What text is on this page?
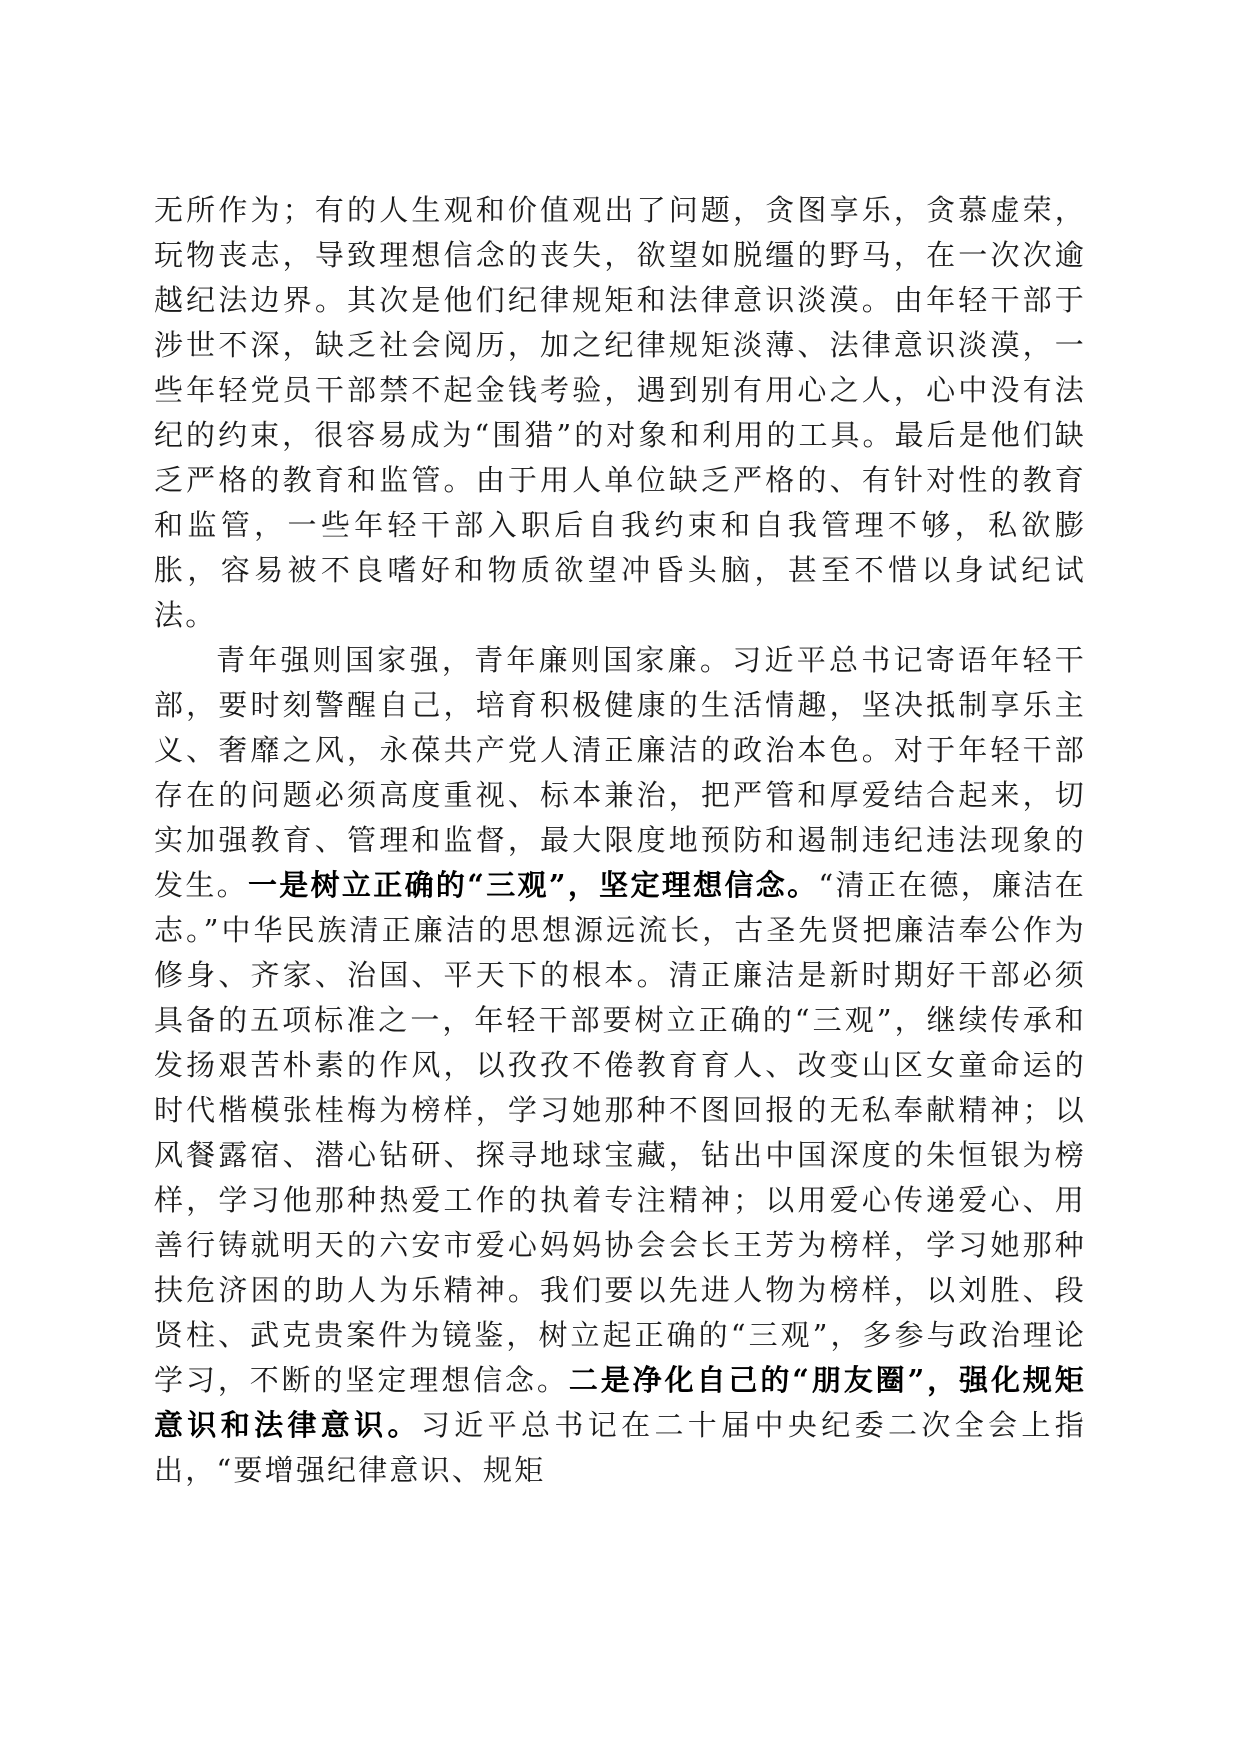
无所作为；有的人生观和价值观出了问题，贪图享乐，贪慕虚荣，玩物丧志，导致理想信念的丧失，欲望如脱缰的野马，在一次次逾越纪法边界。其次是他们纪律规矩和法律意识淡漠。由年轻干部于涉世不深，缺乏社会阅历，加之纪律规矩淡薄、法律意识淡漠，一些年轻党员干部禁不起金钱考验，遇到别有用心之人，心中没有法纪的约束，很容易成为“围猎”的对象和利用的工具。最后是他们缺乏严格的教育和监管。由于用人单位缺乏严格的、有针对性的教育和监管，一些年轻干部入职后自我约束和自我管理不够，私欲膨胀，容易被不良嗜好和物质欲望冲昏头脑，甚至不惜以身试纪试法。

青年强则国家强，青年廉则国家廉。习近平总书记寄语年轻干部，要时刻警醒自己，培育积极健康的生活情趣，坚决抵制享乐主义、奢靡之风，永葆共产党人清正廉洁的政治本色。对于年轻干部存在的问题必须高度重视、标本兼治，把严管和厚爱结合起来，切实加强教育、管理和监督，最大限度地预防和遏制违纪违法现象的发生。一是树立正确的“三观”，坚定理想信念。“清正在德，廉洁在志。”中华民族清正廉洁的思想源远流长，古圣先贤把廉洁奉公作为修身、齐家、治国、平天下的根本。清正廉洁是新时期好干部必须具备的五项标准之一，年轻干部要树立正确的“三观”，继续传承和发扬艰苦朴素的作风，以孜孜不倦教育育人、改变山区女童命运的时代楷模张桂梅为榜样，学习她那种不图回报的无私奉献精神；以风餐露宿、潜心钻研、探寻地球宝藏，钻出中国深度的朱恒银为榜样，学习他那种热爱工作的执着专注精神；以用爱心传递爱心、用善行铸就明天的六安市爱心妈妈协会会长王芳为榜样，学习她那种扶危济困的助人为乐精神。我们要以先进人物为榜样，以刘胜、段贤柱、武克贵案件为镜鉴，树立起正确的“三观”，多参与政治理论学习，不断的坚定理想信念。二是净化自己的“朋友圈”，强化规矩意识和法律意识。习近平总书记在二十届中央纪委二次全会上指出，“要增强纪律意识、规矩
